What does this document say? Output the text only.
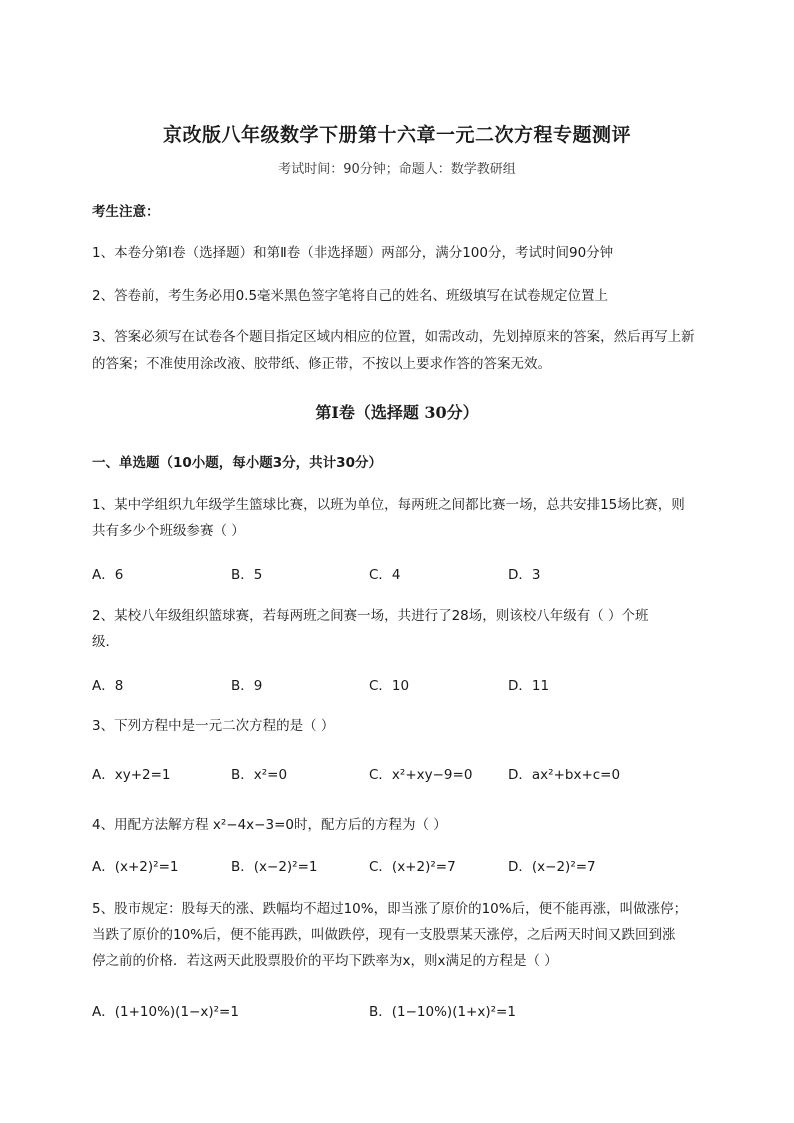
京改版八年级数学下册第十六章一元二次方程专题测评
考试时间：90分钟；命题人：数学教研组
考生注意：
1、本卷分第I卷（选择题）和第Ⅱ卷（非选择题）两部分，满分100分，考试时间90分钟
2、答卷前，考生务必用0.5毫米黑色签字笔将自己的姓名、班级填写在试卷规定位置上
3、答案必须写在试卷各个题目指定区域内相应的位置，如需改动，先划掉原来的答案，然后再写上新
的答案；不准使用涂改液、胶带纸、修正带，不按以上要求作答的答案无效。
第I卷（选择题 30分）
一、单选题（10小题，每小题3分，共计30分）
1、某中学组织九年级学生篮球比赛，以班为单位，每两班之间都比赛一场，总共安排15场比赛，则
共有多少个班级参赛（ ）
A．6	B．5	C．4	D．3
2、某校八年级组织篮球赛，若每两班之间赛一场，共进行了28场，则该校八年级有（ ）个班
级．
A．8	B．9	C．10	D．11
3、下列方程中是一元二次方程的是（ ）
A．xy+2=1	B．x²=0	C．x²+xy−9=0	D．ax²+bx+c=0
4、用配方法解方程 x²−4x−3=0时，配方后的方程为（ ）
A．(x+2)²=1	B．(x−2)²=1	C．(x+2)²=7	D．(x−2)²=7
5、股市规定：股每天的涨、跌幅均不超过10%，即当涨了原价的10%后，便不能再涨，叫做涨停；
当跌了原价的10%后，便不能再跌，叫做跌停，现有一支股票某天涨停，之后两天时间又跌回到涨
停之前的价格．若这两天此股票股价的平均下跌率为x，则x满足的方程是（ ）
A．(1+10%)(1−x)²=1	B．(1−10%)(1+x)²=1
